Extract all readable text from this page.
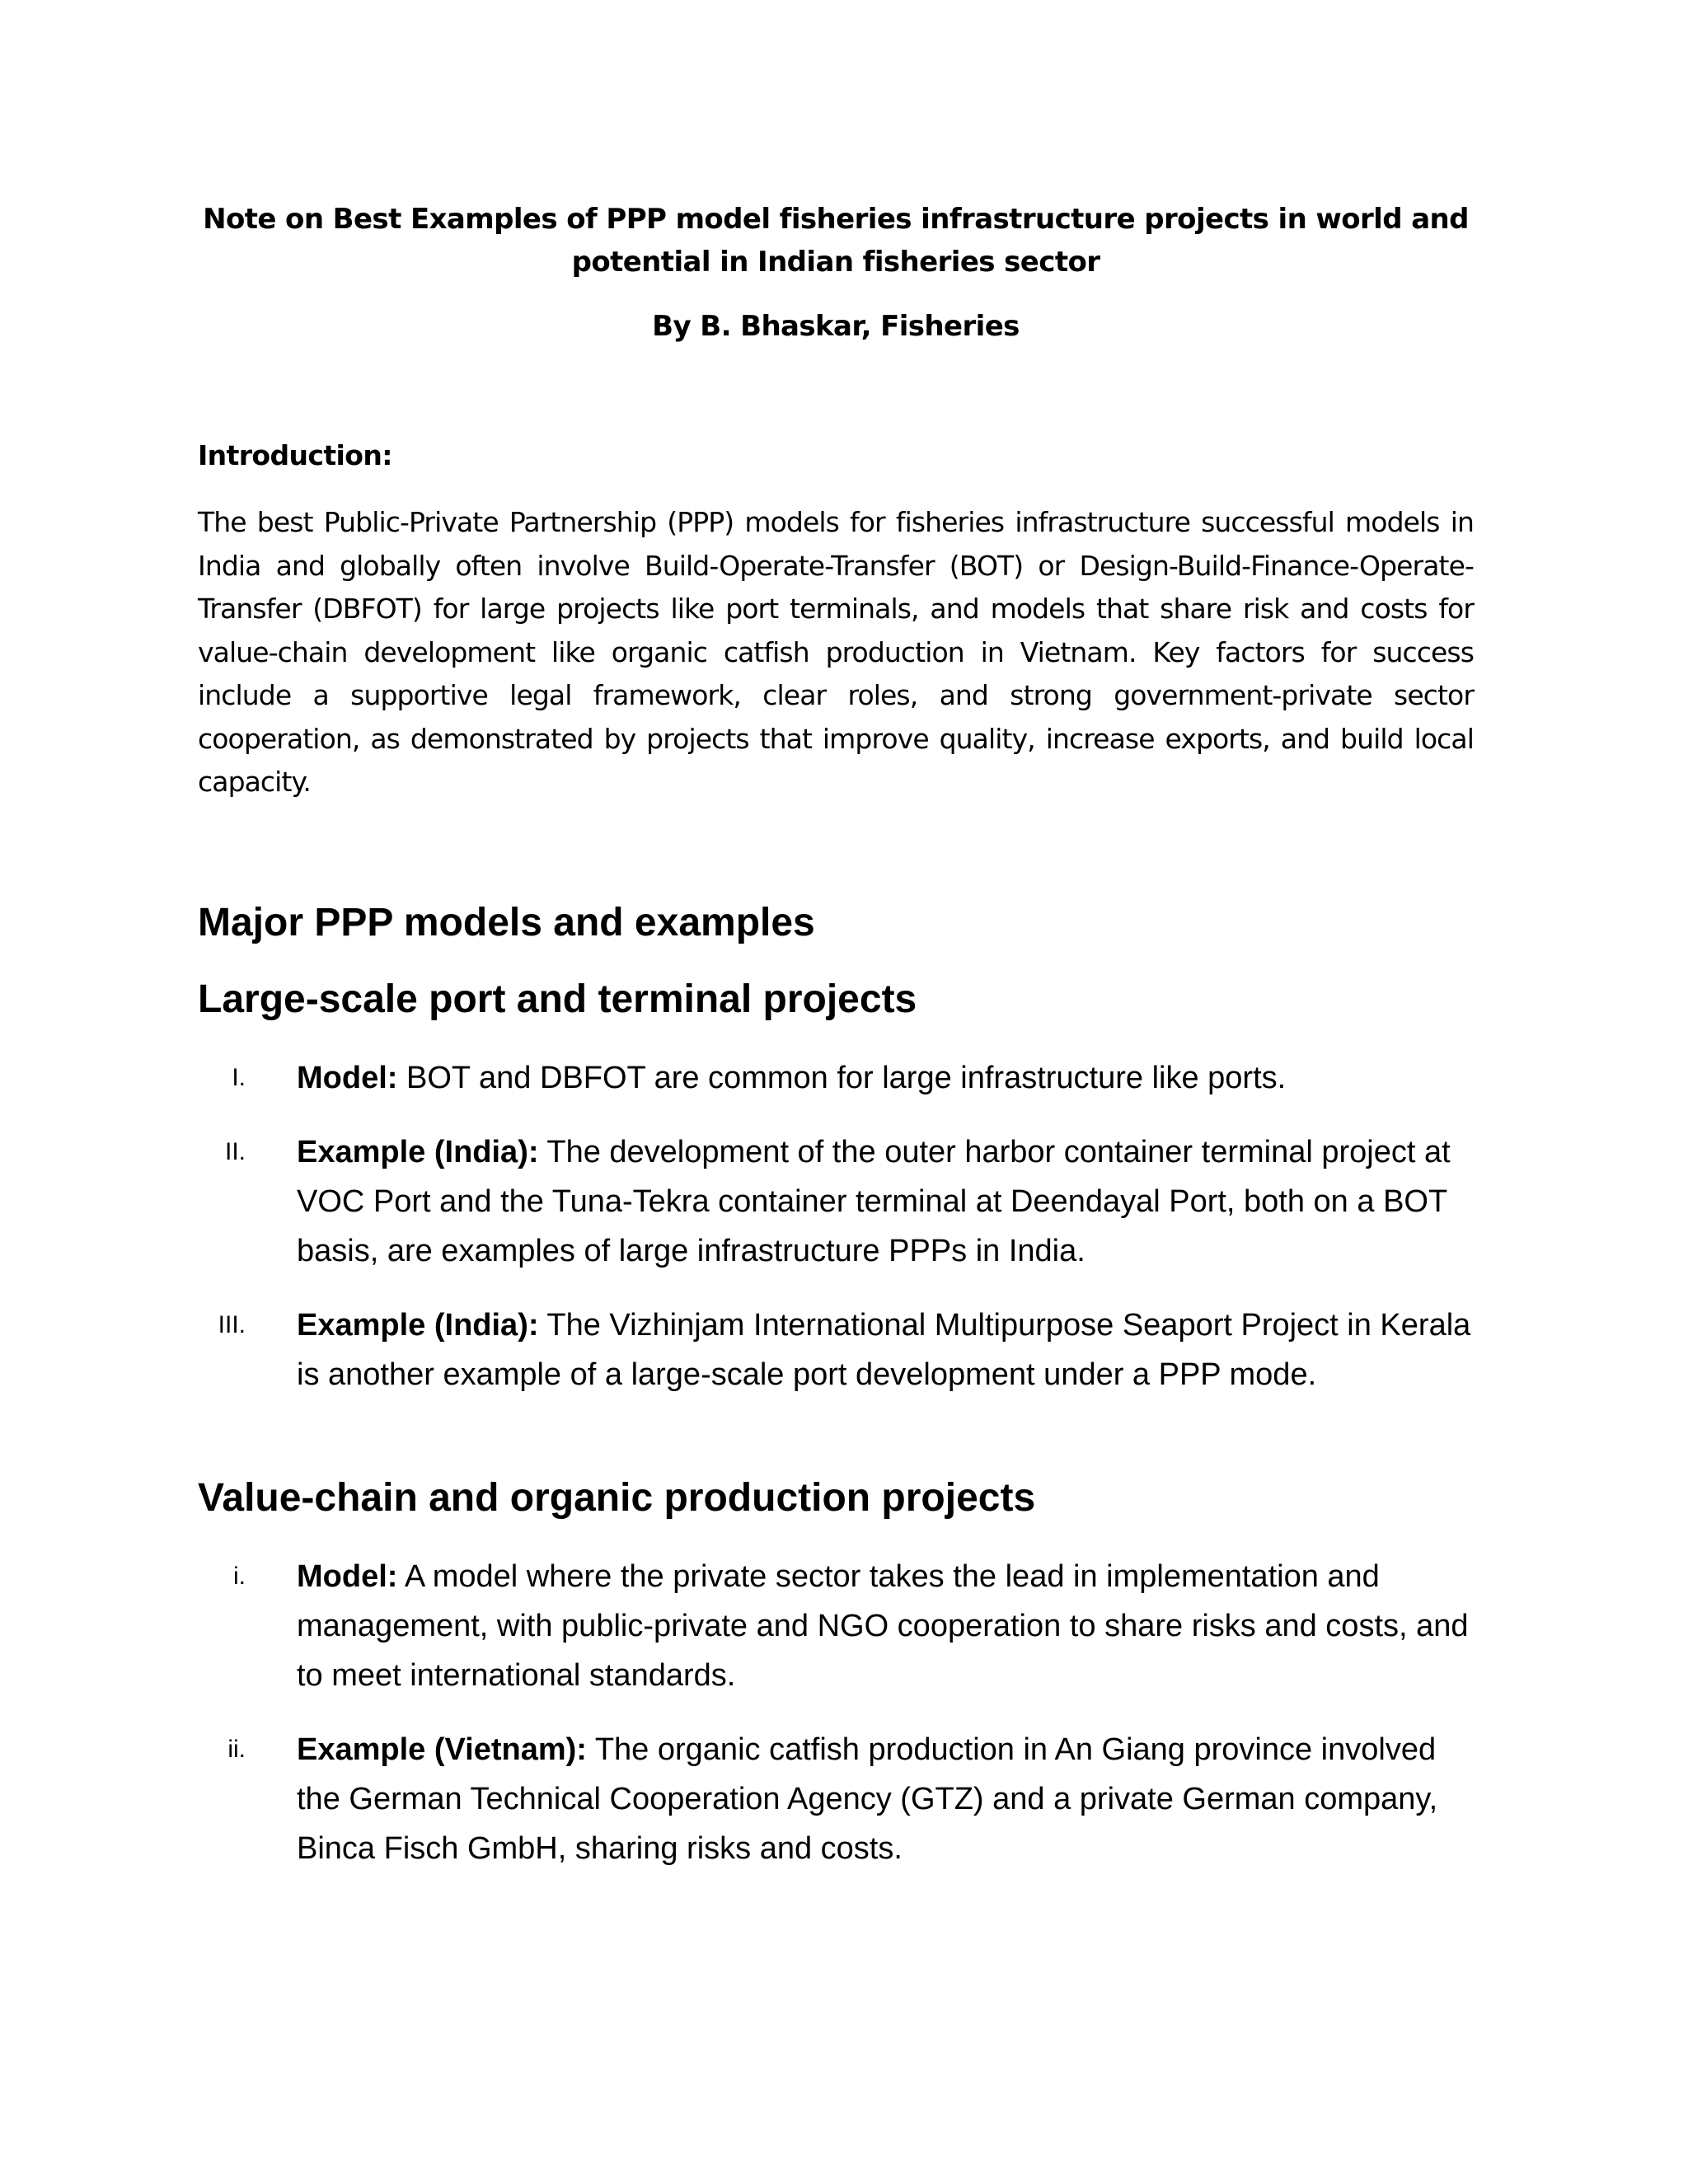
Note on Best Examples of PPP model fisheries infrastructure projects in world and potential in Indian fisheries sector
By B. Bhaskar, Fisheries
Introduction:

The best Public-Private Partnership (PPP) models for fisheries infrastructure successful models in India and globally often involve Build-Operate-Transfer (BOT) or Design-Build-Finance-Operate-Transfer (DBFOT) for large projects like port terminals, and models that share risk and costs for value-chain development like organic catfish production in Vietnam. Key factors for success include a supportive legal framework, clear roles, and strong government-private sector cooperation, as demonstrated by projects that improve quality, increase exports, and build local capacity.

Major PPP models and examples
Large-scale port and terminal projects
I. Model: BOT and DBFOT are common for large infrastructure like ports.
II. Example (India): The development of the outer harbor container terminal project at VOC Port and the Tuna-Tekra container terminal at Deendayal Port, both on a BOT basis, are examples of large infrastructure PPPs in India.
III. Example (India): The Vizhinjam International Multipurpose Seaport Project in Kerala is another example of a large-scale port development under a PPP mode.
Value-chain and organic production projects
i. Model: A model where the private sector takes the lead in implementation and management, with public-private and NGO cooperation to share risks and costs, and to meet international standards.
ii. Example (Vietnam): The organic catfish production in An Giang province involved the German Technical Cooperation Agency (GTZ) and a private German company, Binca Fisch GmbH, sharing risks and costs.
